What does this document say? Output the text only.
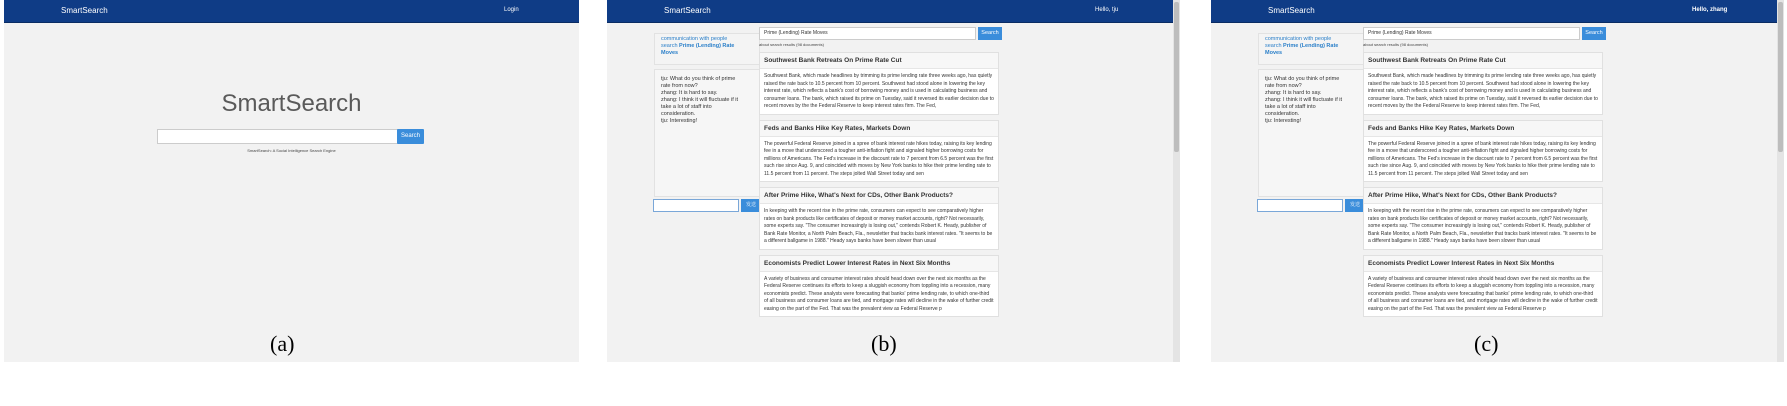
SmartSearch	Login
SmartSearch
Search
SmartSearch: A Social Intelligence Search Engine
SmartSearch	Hello, tju
communication with people
search Prime (Lending) Rate
Moves
tju: What do you think of prime
rate from now?
zhang: It is hard to say.
zhang: I think it will fluctuate if it
take a lot of staff into
consideration.
tju: Interesting!
发送
Prime (Lending) Rate Moves	Search
about search results (98 documents)
Southwest Bank Retreats On Prime Rate Cut
Southwest Bank, which made headlines by trimming its prime lending rate three weeks ago, has quietly raised the rate back to 10.5 percent from 10 percent. Southwest had stood alone in lowering the key interest rate, which reflects a bank's cost of borrowing money and is used in calculating business and consumer loans. The bank, which raised its prime on Tuesday, said it reversed its earlier decision due to recent moves by the the Federal Reserve to keep interest rates firm. The Fed,
Feds and Banks Hike Key Rates, Markets Down
The powerful Federal Reserve joined in a spree of bank interest rate hikes today, raising its key lending fee in a move that underscored a tougher anti-inflation fight and signaled higher borrowing costs for millions of Americans. The Fed's increase in the discount rate to 7 percent from 6.5 percent was the first such rise since Aug. 9, and coincided with moves by New York banks to hike their prime lending rate to 11.5 percent from 11 percent. The steps jolted Wall Street today and sen
After Prime Hike, What's Next for CDs, Other Bank Products?
In keeping with the recent rise in the prime rate, consumers can expect to see comparatively higher rates on bank products like certificates of deposit or money market accounts, right? Not necessarily, some experts say. "The consumer increasingly is losing out," contends Robert K. Heady, publisher of Bank Rate Monitor, a North Palm Beach, Fla., newsletter that tracks bank interest rates. "It seems to be a different ballgame in 1988." Heady says banks have been slower than usual
Economists Predict Lower Interest Rates in Next Six Months
A variety of business and consumer interest rates should head down over the next six months as the Federal Reserve continues its efforts to keep a sluggish economy from toppling into a recession, many economists predict. These analysts were forecasting that banks' prime lending rate, to which one-third of all business and consumer loans are tied, and mortgage rates will decline in the wake of further credit easing on the part of the Fed. That was the prevalent view as Federal Reserve p
SmartSearch	Hello, zhang
communication with people
search Prime (Lending) Rate
Moves
tju: What do you think of prime
rate from now?
zhang: It is hard to say.
zhang: I think it will fluctuate if it
take a lot of staff into
consideration.
tju: Interesting!
发送
Prime (Lending) Rate Moves	Search
about search results (98 documents)
Southwest Bank Retreats On Prime Rate Cut
Southwest Bank, which made headlines by trimming its prime lending rate three weeks ago, has quietly raised the rate back to 10.5 percent from 10 percent. Southwest had stood alone in lowering the key interest rate, which reflects a bank's cost of borrowing money and is used in calculating business and consumer loans. The bank, which raised its prime on Tuesday, said it reversed its earlier decision due to recent moves by the the Federal Reserve to keep interest rates firm. The Fed,
Feds and Banks Hike Key Rates, Markets Down
The powerful Federal Reserve joined in a spree of bank interest rate hikes today, raising its key lending fee in a move that underscored a tougher anti-inflation fight and signaled higher borrowing costs for millions of Americans. The Fed's increase in the discount rate to 7 percent from 6.5 percent was the first such rise since Aug. 9, and coincided with moves by New York banks to hike their prime lending rate to 11.5 percent from 11 percent. The steps jolted Wall Street today and sen
After Prime Hike, What's Next for CDs, Other Bank Products?
In keeping with the recent rise in the prime rate, consumers can expect to see comparatively higher rates on bank products like certificates of deposit or money market accounts, right? Not necessarily, some experts say. "The consumer increasingly is losing out," contends Robert K. Heady, publisher of Bank Rate Monitor, a North Palm Beach, Fla., newsletter that tracks bank interest rates. "It seems to be a different ballgame in 1988." Heady says banks have been slower than usual
Economists Predict Lower Interest Rates in Next Six Months
A variety of business and consumer interest rates should head down over the next six months as the Federal Reserve continues its efforts to keep a sluggish economy from toppling into a recession, many economists predict. These analysts were forecasting that banks' prime lending rate, to which one-third of all business and consumer loans are tied, and mortgage rates will decline in the wake of further credit easing on the part of the Fed. That was the prevalent view as Federal Reserve p
(a)	(b)	(c)
